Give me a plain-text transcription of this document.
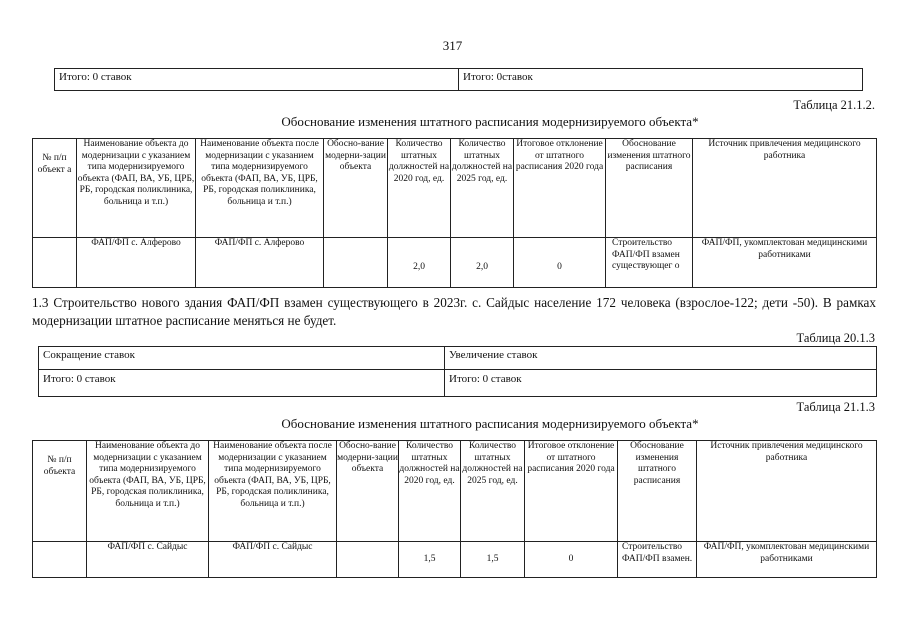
317
Итого: 0 ставок	Итого: 0ставок
Таблица 21.1.2.
Обоснование изменения штатного расписания модернизируемого объекта*
№ п/п объект а	Наименование объекта до модернизации с указанием типа модернизируемого объекта (ФАП, ВА, УБ, ЦРБ, РБ, городская поликлиника, больница и т.п.)	Наименование объекта после модернизации с указанием типа модернизируемого объекта (ФАП, ВА, УБ, ЦРБ, РБ, городская поликлиника, больница и т.п.)	Обосно-вание модерни-зации объекта	Количество штатных должностей на 2020 год, ед.	Количество штатных должностей на 2025 год, ед.	Итоговое отклонение от штатного расписания 2020 года	Обоснование изменения штатного расписания	Источник привлечения медицинского работника
	ФАП/ФП с. Алферово	ФАП/ФП с. Алферово		2,0	2,0	0	Строительство ФАП/ФП взамен существующег о	ФАП/ФП, укомплектован медицинскими работниками
1.3 Строительство нового здания ФАП/ФП взамен существующего в 2023г. с. Сайдыс население 172 человека (взрослое-122; дети -50). В рамках модернизации штатное расписание меняться не будет.
Таблица 20.1.3
Сокращение ставок	Увеличение ставок
Итого: 0 ставок	Итого: 0 ставок
Таблица 21.1.3
Обоснование изменения штатного расписания модернизируемого объекта*
№ п/п объекта	Наименование объекта до модернизации с указанием типа модернизируемого объекта (ФАП, ВА, УБ, ЦРБ, РБ, городская поликлиника, больница и т.п.)	Наименование объекта после модернизации с указанием типа модернизируемого объекта (ФАП, ВА, УБ, ЦРБ, РБ, городская поликлиника, больница и т.п.)	Обосно-вание модерни-зации объекта	Количество штатных должностей на 2020 год, ед.	Количество штатных должностей на 2025 год, ед.	Итоговое отклонение от штатного расписания 2020 года	Обоснование изменения штатного расписания	Источник привлечения медицинского работника
	ФАП/ФП с. Сайдыс	ФАП/ФП с. Сайдыс		1,5	1,5	0	Строительство ФАП/ФП взамен.	ФАП/ФП, укомплектован медицинскими работниками
